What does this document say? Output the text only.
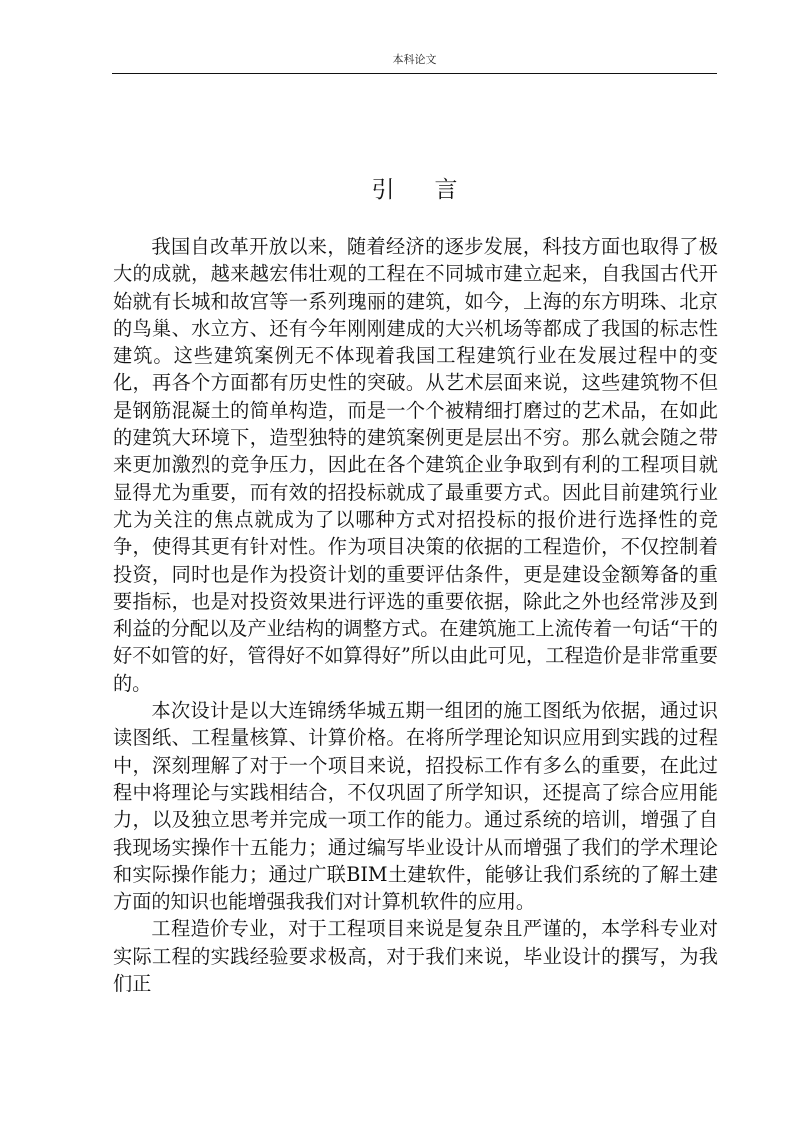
本科论文
引言

我国自改革开放以来，随着经济的逐步发展，科技方面也取得了极大的成就，越来越宏伟壮观的工程在不同城市建立起来，自我国古代开始就有长城和故宫等一系列瑰丽的建筑，如今，上海的东方明珠、北京的鸟巢、水立方、还有今年刚刚建成的大兴机场等都成了我国的标志性建筑。这些建筑案例无不体现着我国工程建筑行业在发展过程中的变化，再各个方面都有历史性的突破。从艺术层面来说，这些建筑物不但是钢筋混凝土的简单构造，而是一个个被精细打磨过的艺术品，在如此的建筑大环境下，造型独特的建筑案例更是层出不穷。那么就会随之带来更加激烈的竞争压力，因此在各个建筑企业争取到有利的工程项目就显得尤为重要，而有效的招投标就成了最重要方式。因此目前建筑行业尤为关注的焦点就成为了以哪种方式对招投标的报价进行选择性的竞争，使得其更有针对性。作为项目决策的依据的工程造价，不仅控制着投资，同时也是作为投资计划的重要评估条件，更是建设金额筹备的重要指标，也是对投资效果进行评选的重要依据，除此之外也经常涉及到利益的分配以及产业结构的调整方式。在建筑施工上流传着一句话“干的好不如管的好，管得好不如算得好”所以由此可见，工程造价是非常重要的。

本次设计是以大连锦绣华城五期一组团的施工图纸为依据，通过识读图纸、工程量核算、计算价格。在将所学理论知识应用到实践的过程中，深刻理解了对于一个项目来说，招投标工作有多么的重要，在此过程中将理论与实践相结合，不仅巩固了所学知识，还提高了综合应用能力，以及独立思考并完成一项工作的能力。通过系统的培训，增强了自我现场实操作十五能力；通过编写毕业设计从而增强了我们的学术理论和实际操作能力；通过广联BIM土建软件，能够让我们系统的了解土建方面的知识也能增强我我们对计算机软件的应用。

工程造价专业，对于工程项目来说是复杂且严谨的，本学科专业对实际工程的实践经验要求极高，对于我们来说，毕业设计的撰写，为我们正
